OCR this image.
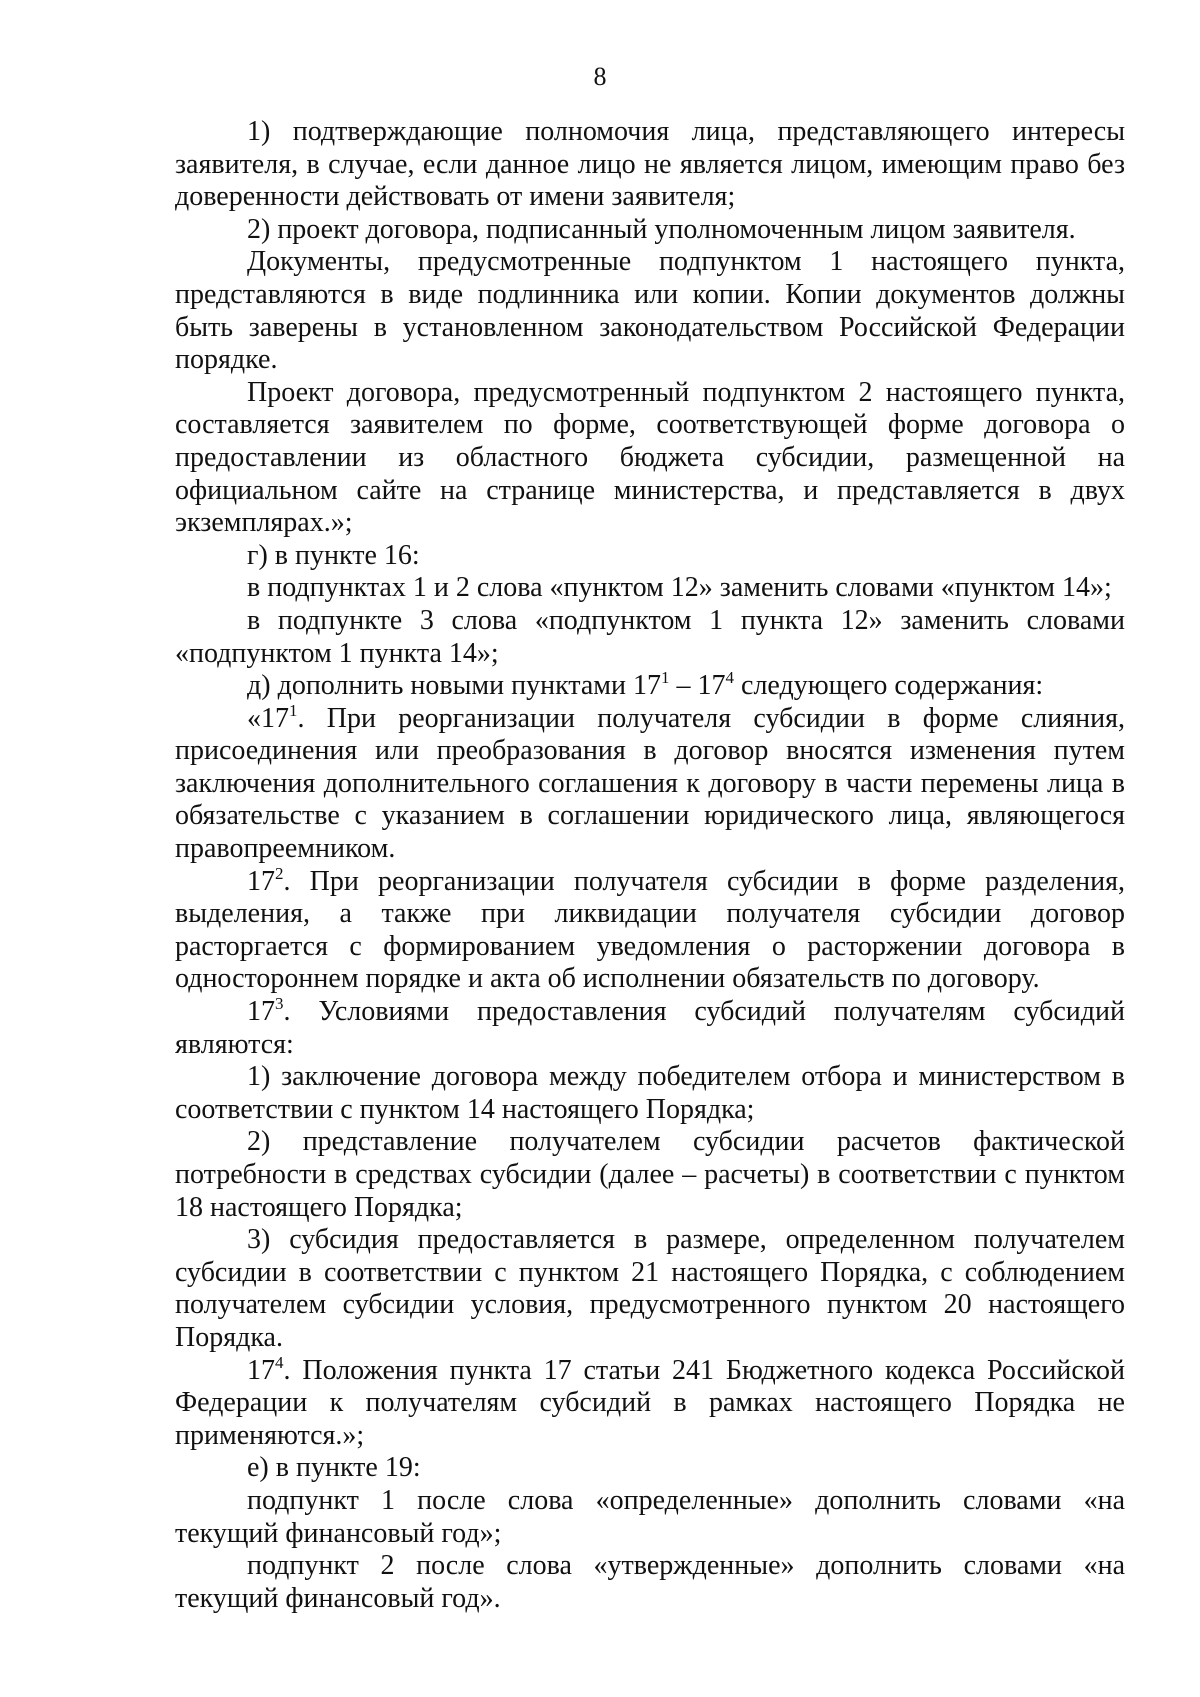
8

1) подтверждающие полномочия лица, представляющего интересы заявителя, в случае, если данное лицо не является лицом, имеющим право без доверенности действовать от имени заявителя;

2) проект договора, подписанный уполномоченным лицом заявителя.

Документы, предусмотренные подпунктом 1 настоящего пункта, представляются в виде подлинника или копии. Копии документов должны быть заверены в установленном законодательством Российской Федерации порядке.

Проект договора, предусмотренный подпунктом 2 настоящего пункта, составляется заявителем по форме, соответствующей форме договора о предоставлении из областного бюджета субсидии, размещенной на официальном сайте на странице министерства, и представляется в двух экземплярах.»;

г) в пункте 16:

в подпунктах 1 и 2 слова «пунктом 12» заменить словами «пунктом 14»;

в подпункте 3 слова «подпунктом 1 пункта 12» заменить словами «подпунктом 1 пункта 14»;

д) дополнить новыми пунктами $17^1 - 17^4$ следующего содержания:

«$17^1$. При реорганизации получателя субсидии в форме слияния, присоединения или преобразования в договор вносятся изменения путем заключения дополнительного соглашения к договору в части перемены лица в обязательстве с указанием в соглашении юридического лица, являющегося правопреемником.

$17^2$. При реорганизации получателя субсидии в форме разделения, выделения, а также при ликвидации получателя субсидии договор расторгается с формированием уведомления о расторжении договора в одностороннем порядке и акта об исполнении обязательств по договору.

$17^3$. Условиями предоставления субсидий получателям субсидий являются:

1) заключение договора между победителем отбора и министерством в соответствии с пунктом 14 настоящего Порядка;

2) представление получателем субсидии расчетов фактической потребности в средствах субсидии (далее – расчеты) в соответствии с пунктом 18 настоящего Порядка;

3) субсидия предоставляется в размере, определенном получателем субсидии в соответствии с пунктом 21 настоящего Порядка, с соблюдением получателем субсидии условия, предусмотренного пунктом 20 настоящего Порядка.

$17^4$. Положения пункта 17 статьи 241 Бюджетного кодекса Российской Федерации к получателям субсидий в рамках настоящего Порядка не применяются.»;

е) в пункте 19:

подпункт 1 после слова «определенные» дополнить словами «на текущий финансовый год»;

подпункт 2 после слова «утвержденные» дополнить словами «на текущий финансовый год».
